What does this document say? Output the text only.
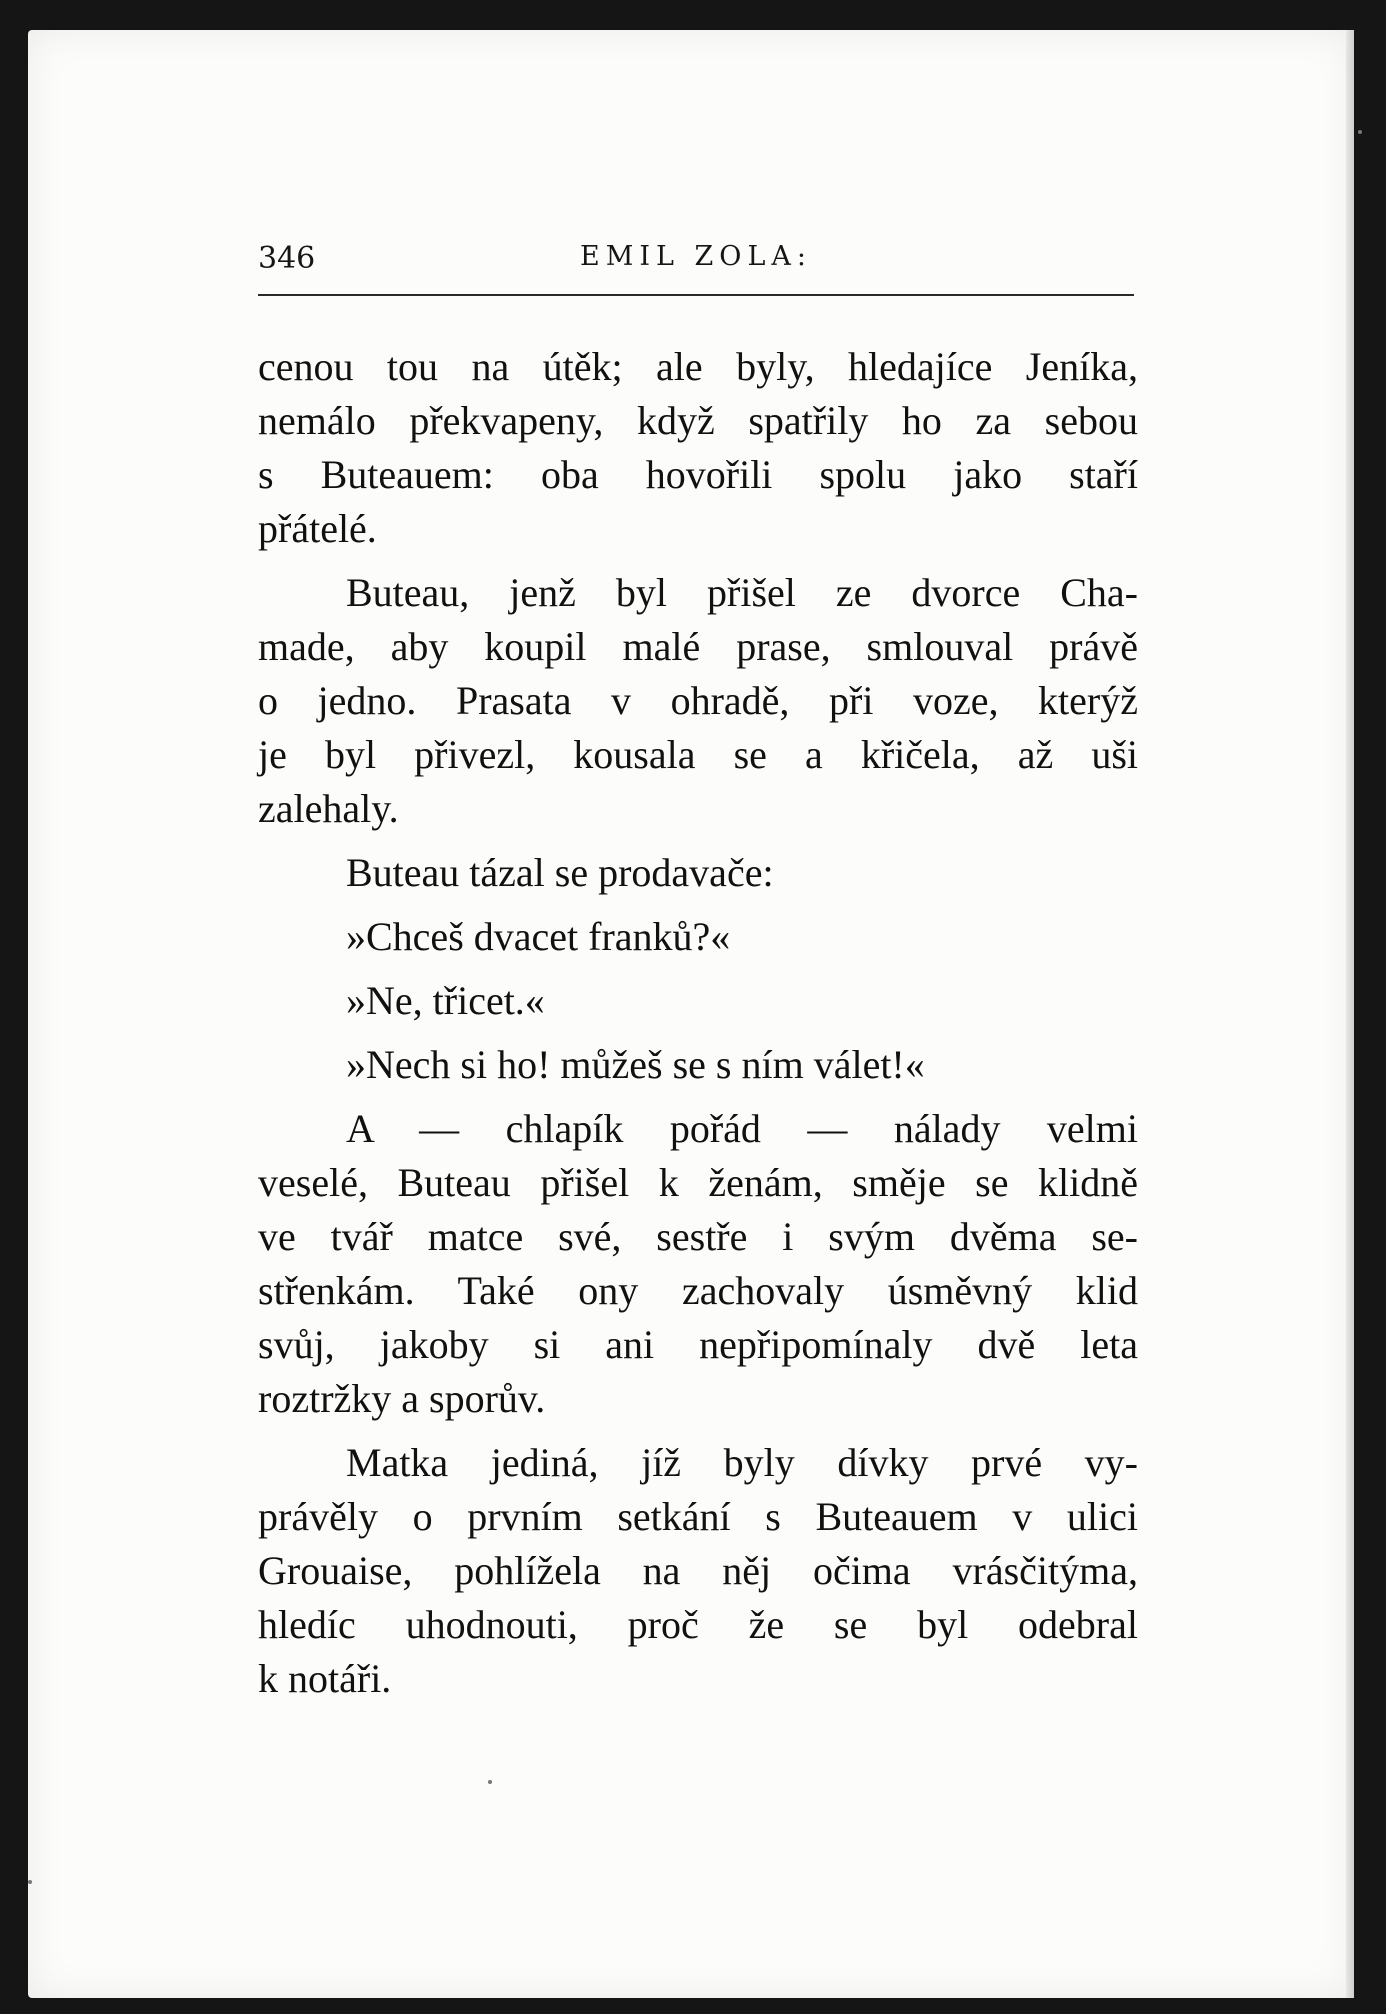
346	EMIL ZOLA:
cenou tou na útěk; ale byly, hledajíce Jeníka,
nemálo překvapeny, když spatřily ho za sebou
s Buteauem: oba hovořili spolu jako staří
přátelé.
Buteau, jenž byl přišel ze dvorce Cha-
made, aby koupil malé prase, smlouval právě
o jedno. Prasata v ohradě, při voze, kterýž
je byl přivezl, kousala se a křičela, až uši
zalehaly.
Buteau tázal se prodavače:
»Chceš dvacet franků?«
»Ne, třicet.«
»Nech si ho! můžeš se s ním válet!«
A — chlapík pořád — nálady velmi
veselé, Buteau přišel k ženám, směje se klidně
ve tvář matce své, sestře i svým dvěma se-
střenkám. Také ony zachovaly úsměvný klid
svůj, jakoby si ani nepřipomínaly dvě leta
roztržky a sporův.
Matka jediná, jíž byly dívky prvé vy-
právěly o prvním setkání s Buteauem v ulici
Grouaise, pohlížela na něj očima vrásčitýma,
hledíc uhodnouti, proč že se byl odebral
k notáři.
